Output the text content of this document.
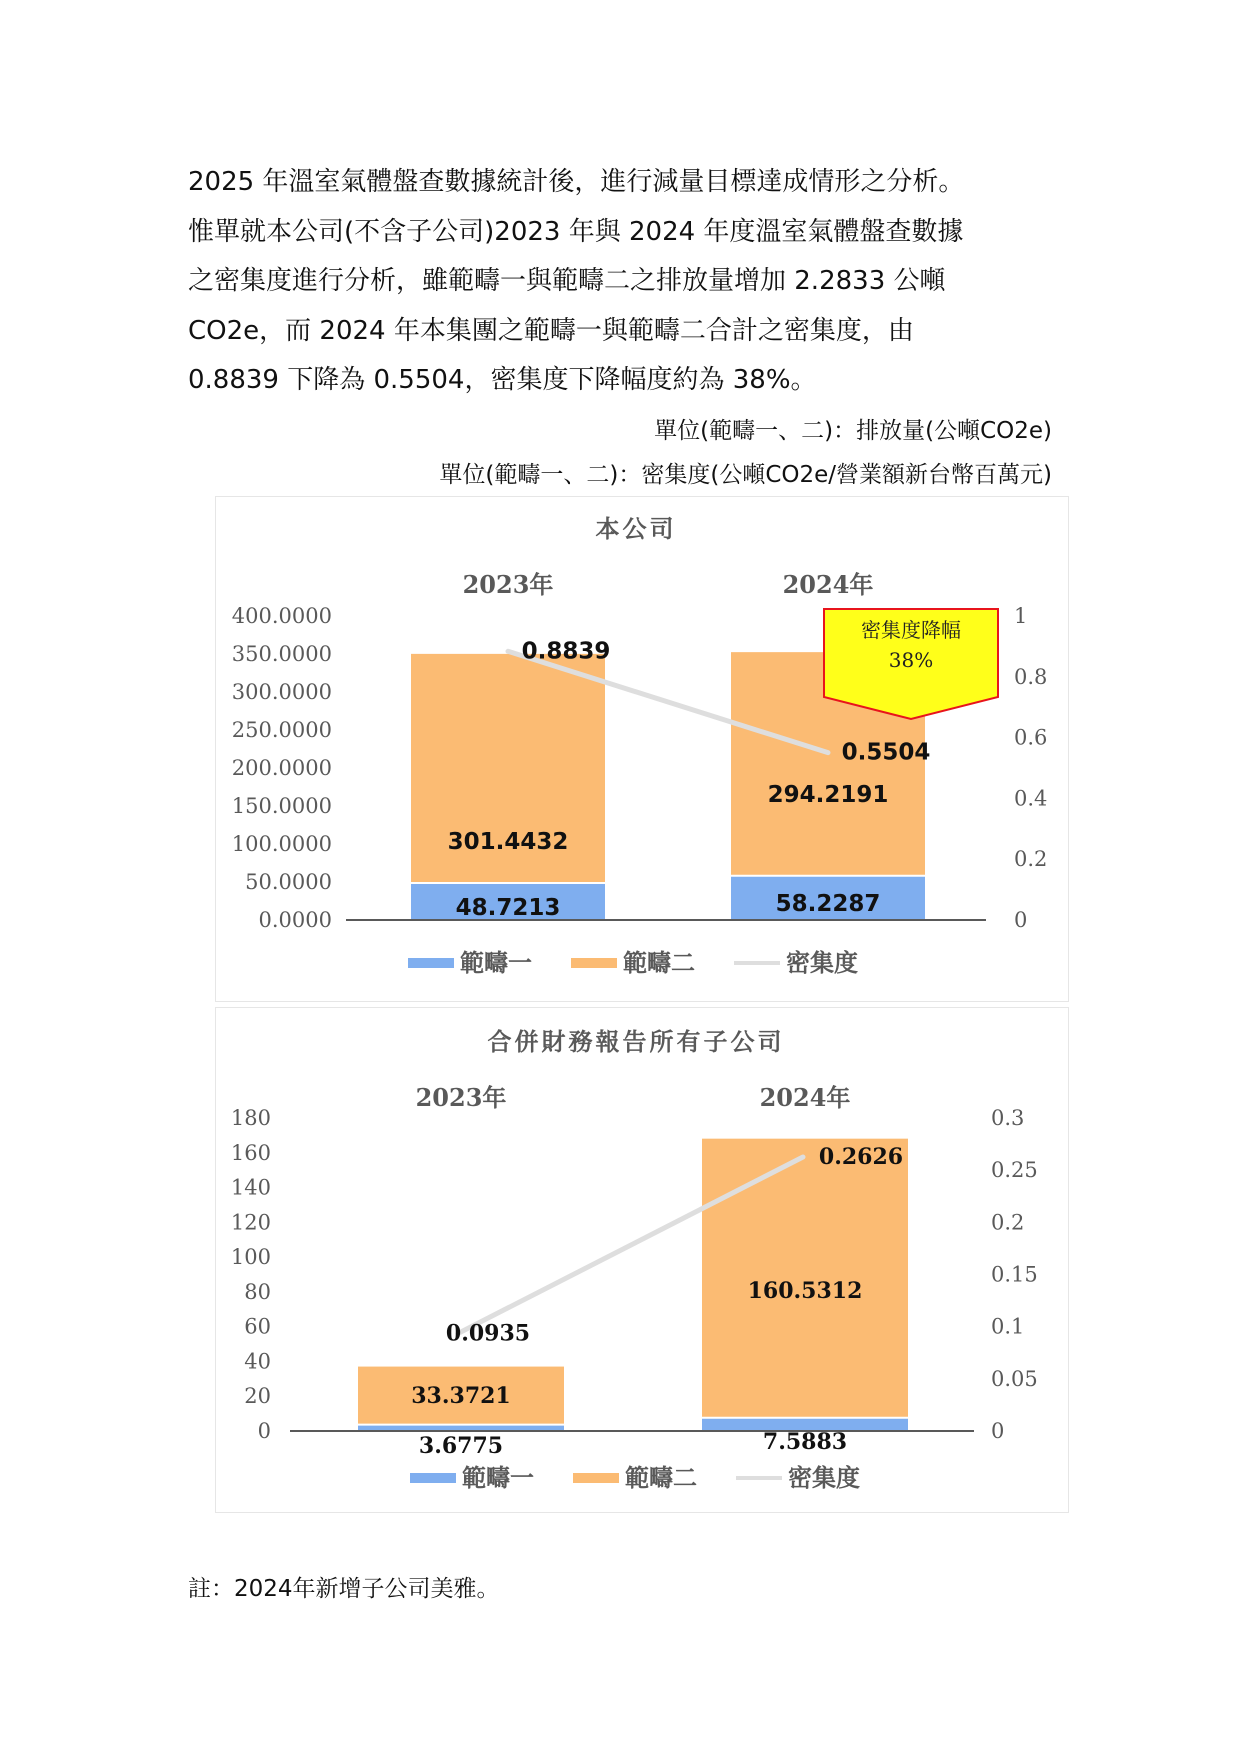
2025 年溫室氣體盤查數據統計後，進行減量目標達成情形之分析。
惟單就本公司(不含子公司)2023 年與 2024 年度溫室氣體盤查數據
之密集度進行分析，雖範疇一與範疇二之排放量增加 2.2833 公噸
CO2e，而 2024 年本集團之範疇一與範疇二合計之密集度，由
0.8839 下降為 0.5504，密集度下降幅度約為 38%。
單位(範疇一、二)：排放量(公噸CO2e)
單位(範疇一、二)：密集度(公噸CO2e/營業額新台幣百萬元)
本公司
2023年	2024年
0.0000
50.0000
100.0000
150.0000
200.0000
250.0000
300.0000
350.0000
400.0000
0
0.2
0.4
0.6
0.8
1
48.7213
301.4432
58.2287
294.2191
0.8839
0.5504
密集度降幅
38%
範疇一	範疇二	密集度
合併財務報告所有子公司
2023年	2024年
0
20
40
60
80
100
120
140
160
180
0
0.05
0.1
0.15
0.2
0.25
0.3
3.6775
33.3721
7.5883
160.5312
0.0935
0.2626
範疇一	範疇二	密集度
註：2024年新增子公司美雅。
